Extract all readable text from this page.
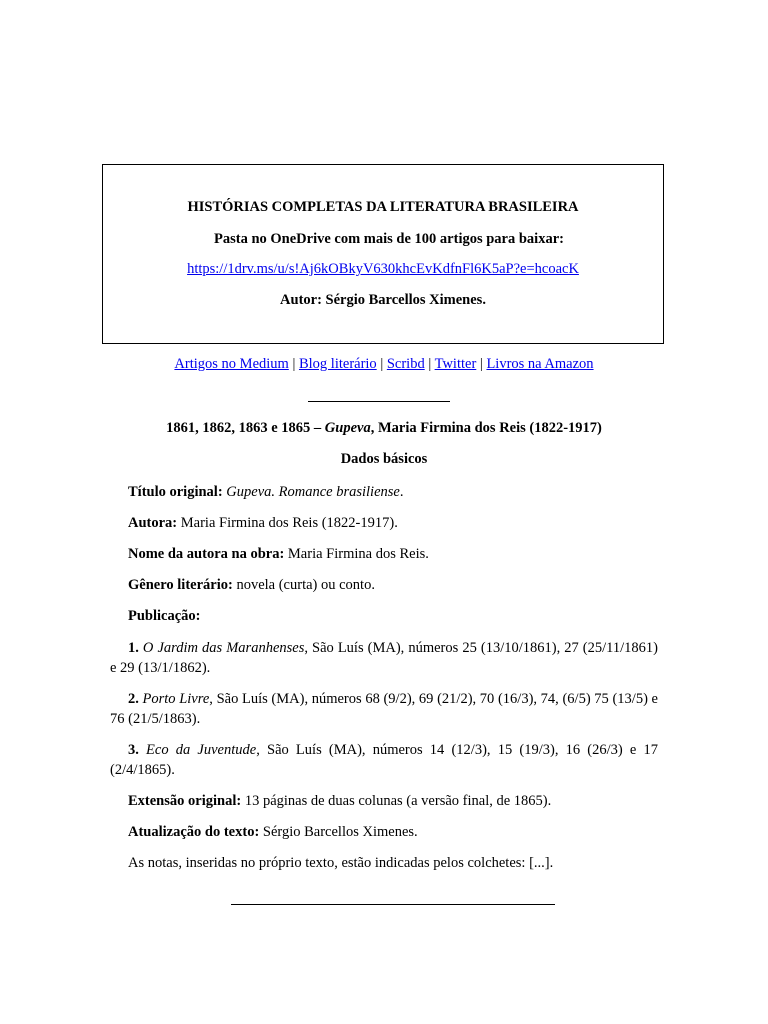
HISTÓRIAS COMPLETAS DA LITERATURA BRASILEIRA
Pasta no OneDrive com mais de 100 artigos para baixar:
https://1drv.ms/u/s!Aj6kOBkyV630khcEvKdfnFl6K5aP?e=hcoacK
Autor: Sérgio Barcellos Ximenes.
Artigos no Medium | Blog literário | Scribd | Twitter | Livros na Amazon
1861, 1862, 1863 e 1865 – Gupeva, Maria Firmina dos Reis (1822-1917)
Dados básicos
Título original: Gupeva. Romance brasiliense.
Autora: Maria Firmina dos Reis (1822-1917).
Nome da autora na obra: Maria Firmina dos Reis.
Gênero literário: novela (curta) ou conto.
Publicação:
1. O Jardim das Maranhenses, São Luís (MA), números 25 (13/10/1861), 27 (25/11/1861) e 29 (13/1/1862).
2. Porto Livre, São Luís (MA), números 68 (9/2), 69 (21/2), 70 (16/3), 74, (6/5) 75 (13/5) e 76 (21/5/1863).
3. Eco da Juventude, São Luís (MA), números 14 (12/3), 15 (19/3), 16 (26/3) e 17 (2/4/1865).
Extensão original: 13 páginas de duas colunas (a versão final, de 1865).
Atualização do texto: Sérgio Barcellos Ximenes.
As notas, inseridas no próprio texto, estão indicadas pelos colchetes: [...].
